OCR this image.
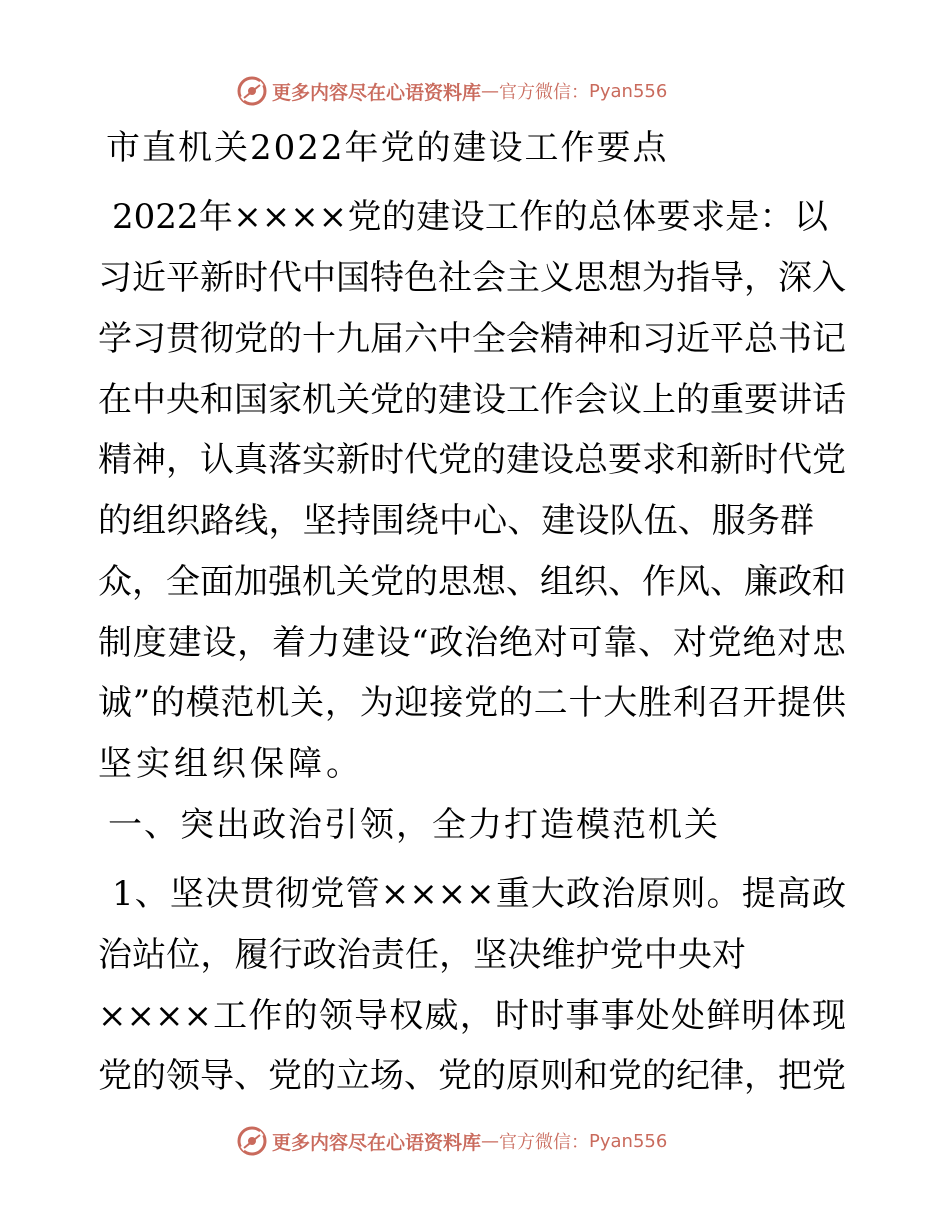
更多内容尽在心语资料库 — 官方微信： Pyan556
市直机关2022年党的建设工作要点
2022年××××党的建设工作的总体要求是：以
习近平新时代中国特色社会主义思想为指导，深入
学习贯彻党的十九届六中全会精神和习近平总书记
在中央和国家机关党的建设工作会议上的重要讲话
精神，认真落实新时代党的建设总要求和新时代党
的组织路线，坚持围绕中心、建设队伍、服务群
众，全面加强机关党的思想、组织、作风、廉政和
制度建设，着力建设“政治绝对可靠、对党绝对忠
诚”的模范机关，为迎接党的二十大胜利召开提供
坚实组织保障。
一、突出政治引领，全力打造模范机关
1、坚决贯彻党管××××重大政治原则。提高政
治站位，履行政治责任，坚决维护党中央对
××××工作的领导权威，时时事事处处鲜明体现
党的领导、党的立场、党的原则和党的纪律，把党
更多内容尽在心语资料库 — 官方微信： Pyan556
